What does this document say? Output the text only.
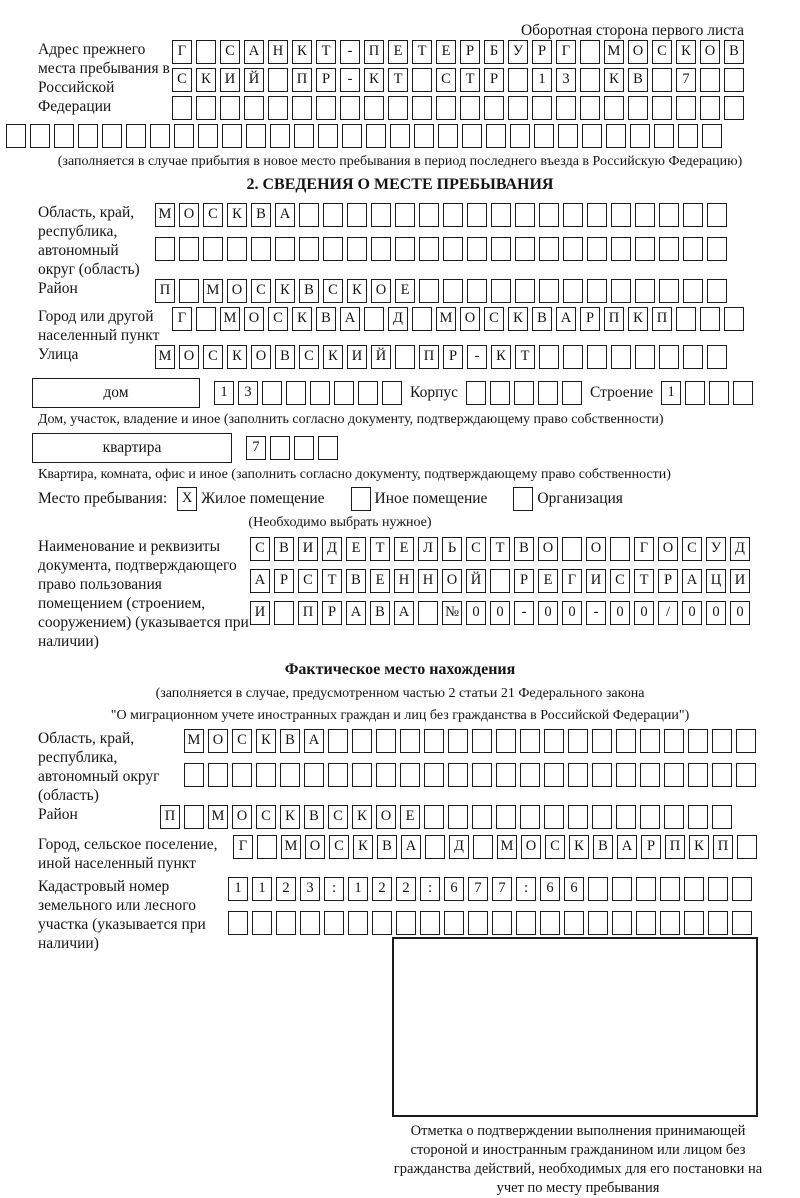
Оборотная сторона первого листа
Адрес прежнего места пребывания в Российской Федерации
Г	С А Н К Т - П Е Т Е Р Б У Р Г	М О С К О В
С К И Й	П Р - К Т	С Т Р	1 3	К В	7
(заполняется в случае прибытия в новое место пребывания в период последнего въезда в Российскую Федерацию)
2. СВЕДЕНИЯ О МЕСТЕ ПРЕБЫВАНИЯ
Область, край, республика, автономный округ (область)
М О С К В А
Район	П	М О С К В С К О Е
Город или другой населенный пункт
Г	М О С К В А	Д	М О С К В А Р П К П
Улица	М О С К О В С К И Й	П Р - К Т
дом	1 3	Корпус	Строение 1
Дом, участок, владение и иное (заполнить согласно документу, подтверждающему право собственности)
квартира	7
Квартира, комната, офис и иное (заполнить согласно документу, подтверждающему право собственности)
Место пребывания:	X Жилое помещение	Иное помещение	Организация
(Необходимо выбрать нужное)
Наименование и реквизиты документа, подтверждающего право пользования помещением (строением, сооружением) (указывается при наличии)
С В И Д Е Т Е Л Ь С Т В О	О	Г О С У Д
А Р С Т В Е Н Н О Й	Р Е Г И С Т Р А Ц И
И	П Р А В А № 0 0 - 0 0 - 0 0 / 0 0 0
Фактическое место нахождения
(заполняется в случае, предусмотренном частью 2 статьи 21 Федерального закона
"О миграционном учете иностранных граждан и лиц без гражданства в Российской Федерации")
Область, край, республика, автономный округ (область)
М О С К В А
Район	П	М О С К В С К О Е
Город, сельское поселение, иной населенный пункт
Г	М О С К В А	Д	М О С К В А Р П К П
Кадастровый номер земельного или лесного участка (указывается при наличии)
1 1 2 3 : 1 2 2 : 6 7 7 : 6 6
Отметка о подтверждении выполнения принимающей стороной и иностранным гражданином или лицом без гражданства действий, необходимых для его постановки на учет по месту пребывания
